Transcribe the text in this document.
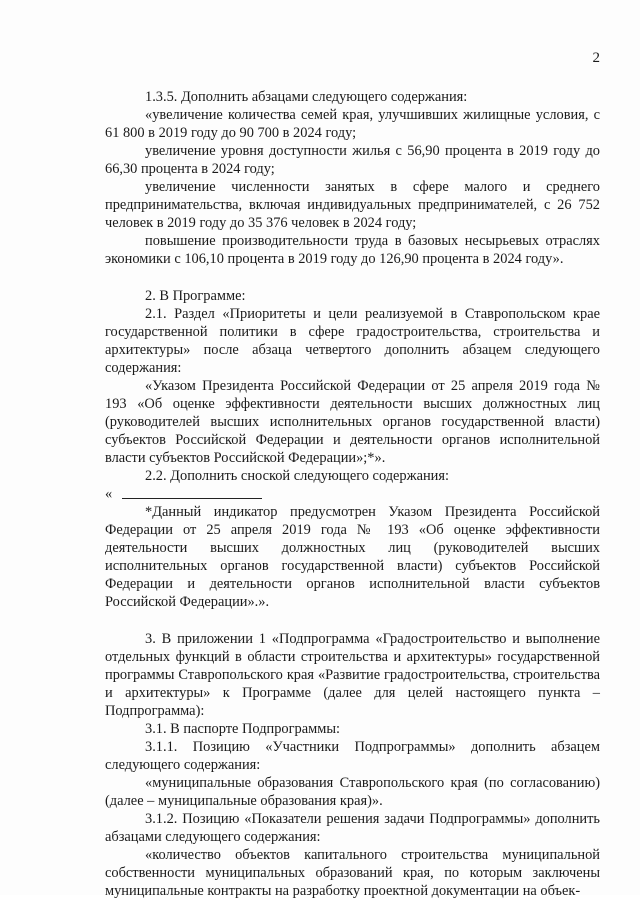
2

1.3.5. Дополнить абзацами следующего содержания:

«увеличение количества семей края, улучшивших жилищные условия, с 61 800 в 2019 году до 90 700 в 2024 году;

увеличение уровня доступности жилья с 56,90 процента в 2019 году до 66,30 процента в 2024 году;

увеличение численности занятых в сфере малого и среднего предпринимательства, включая индивидуальных предпринимателей, с 26 752 человек в 2019 году до 35 376 человек в 2024 году;

повышение производительности труда в базовых несырьевых отраслях экономики с 106,10 процента в 2019 году до 126,90 процента в 2024 году».

2. В Программе:

2.1. Раздел «Приоритеты и цели реализуемой в Ставропольском крае государственной политики в сфере градостроительства, строительства и архитектуры» после абзаца четвертого дополнить абзацем следующего содержания:

«Указом Президента Российской Федерации от 25 апреля 2019 года № 193 «Об оценке эффективности деятельности высших должностных лиц (руководителей высших исполнительных органов государственной власти) субъектов Российской Федерации и деятельности органов исполнительной власти субъектов Российской Федерации»;*».

2.2. Дополнить сноской следующего содержания:

«

*Данный индикатор предусмотрен Указом Президента Российской Федерации от 25 апреля 2019 года № 193 «Об оценке эффективности деятельности высших должностных лиц (руководителей высших исполнительных органов государственной власти) субъектов Российской Федерации и деятельности органов исполнительной власти субъектов Российской Федерации».».

3. В приложении 1 «Подпрограмма «Градостроительство и выполнение отдельных функций в области строительства и архитектуры» государственной программы Ставропольского края «Развитие градостроительства, строительства и архитектуры» к Программе (далее для целей настоящего пункта – Подпрограмма):

3.1. В паспорте Подпрограммы:

3.1.1. Позицию «Участники Подпрограммы» дополнить абзацем следующего содержания:

«муниципальные образования Ставропольского края (по согласованию) (далее – муниципальные образования края)».

3.1.2. Позицию «Показатели решения задачи Подпрограммы» дополнить абзацами следующего содержания:

«количество объектов капитального строительства муниципальной собственности муниципальных образований края, по которым заключены муниципальные контракты на разработку проектной документации на объек-
